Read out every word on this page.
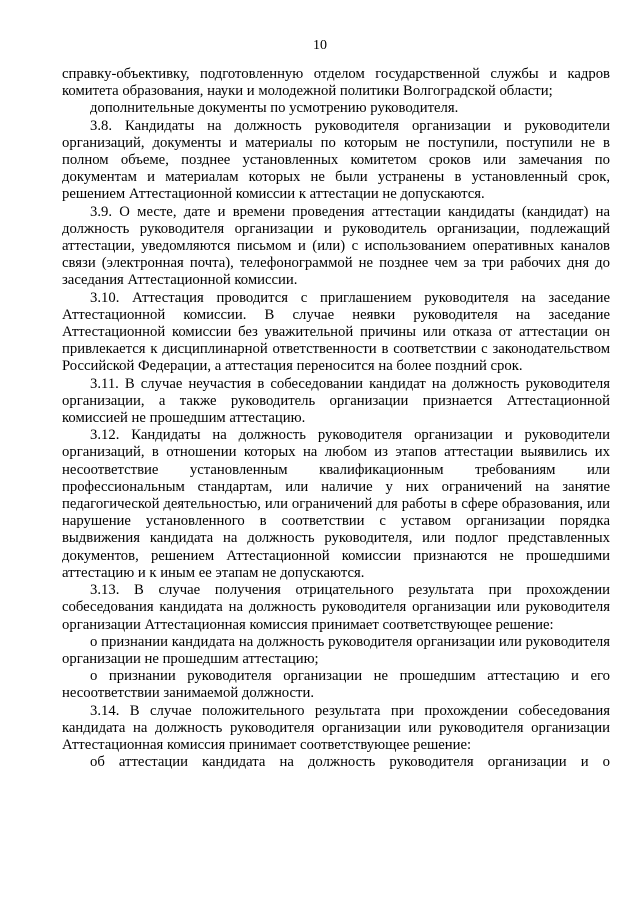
10

справку-объективку, подготовленную отделом государственной службы и кадров комитета образования, науки и молодежной политики Волгоградской области;

дополнительные документы по усмотрению руководителя.

3.8. Кандидаты на должность руководителя организации и руководители организаций, документы и материалы по которым не поступили, поступили не в полном объеме, позднее установленных комитетом сроков или замечания по документам и материалам которых не были устранены в установленный срок, решением Аттестационной комиссии к аттестации не допускаются.

3.9. О месте, дате и времени проведения аттестации кандидаты (кандидат) на должность руководителя организации и руководитель организации, подлежащий аттестации, уведомляются письмом и (или) с использованием оперативных каналов связи (электронная почта), телефонограммой не позднее чем за три рабочих дня до заседания Аттестационной комиссии.

3.10. Аттестация проводится с приглашением руководителя на заседание Аттестационной комиссии. В случае неявки руководителя на заседание Аттестационной комиссии без уважительной причины или отказа от аттестации он привлекается к дисциплинарной ответственности в соответствии с законодательством Российской Федерации, а аттестация переносится на более поздний срок.

3.11. В случае неучастия в собеседовании кандидат на должность руководителя организации, а также руководитель организации признается Аттестационной комиссией не прошедшим аттестацию.

3.12. Кандидаты на должность руководителя организации и руководители организаций, в отношении которых на любом из этапов аттестации выявились их несоответствие установленным квалификационным требованиям или профессиональным стандартам, или наличие у них ограничений на занятие педагогической деятельностью, или ограничений для работы в сфере образования, или нарушение установленного в соответствии с уставом организации порядка выдвижения кандидата на должность руководителя, или подлог представленных документов, решением Аттестационной комиссии признаются не прошедшими аттестацию и к иным ее этапам не допускаются.

3.13. В случае получения отрицательного результата при прохождении собеседования кандидата на должность руководителя организации или руководителя организации Аттестационная комиссия принимает соответствующее решение:

о признании кандидата на должность руководителя организации или руководителя организации не прошедшим аттестацию;

о признании руководителя организации не прошедшим аттестацию и его несоответствии занимаемой должности.

3.14. В случае положительного результата при прохождении собеседования кандидата на должность руководителя организации или руководителя организации Аттестационная комиссия принимает соответствующее решение:

об аттестации кандидата на должность руководителя организации и о
